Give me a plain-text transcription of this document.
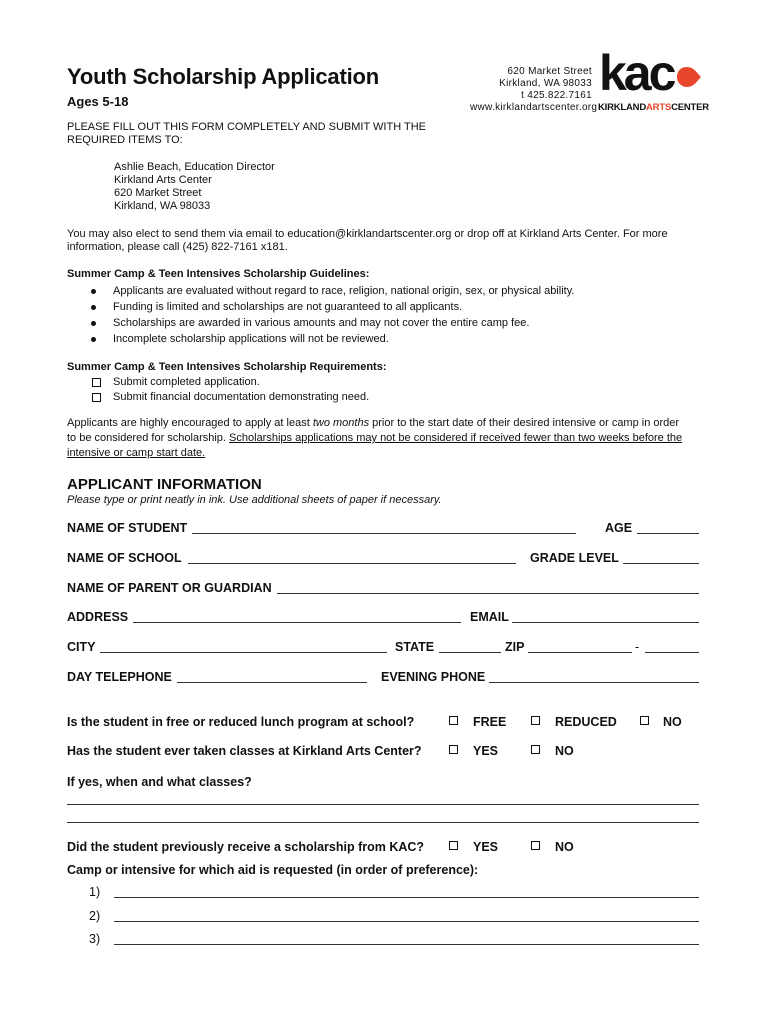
Youth Scholarship Application
Ages 5-18
620 Market Street
Kirkland, WA 98033
t 425.822.7161
www.kirklandartscenter.org
kac
KIRKLANDARTSCENTER
PLEASE FILL OUT THIS FORM COMPLETELY AND SUBMIT WITH THE
REQUIRED ITEMS TO:
Ashlie Beach, Education Director
Kirkland Arts Center
620 Market Street
Kirkland, WA 98033
You may also elect to send them via email to education@kirklandartscenter.org or drop off at Kirkland Arts Center. For more
information, please call (425) 822-7161 x181.
Summer Camp & Teen Intensives Scholarship Guidelines:
Applicants are evaluated without regard to race, religion, national origin, sex, or physical ability.
Funding is limited and scholarships are not guaranteed to all applicants.
Scholarships are awarded in various amounts and may not cover the entire camp fee.
Incomplete scholarship applications will not be reviewed.
Summer Camp & Teen Intensives Scholarship Requirements:
Submit completed application.
Submit financial documentation demonstrating need.
Applicants are highly encouraged to apply at least two months prior to the start date of their desired intensive or camp in order
to be considered for scholarship. Scholarships applications may not be considered if received fewer than two weeks before the
intensive or camp start date.
APPLICANT INFORMATION
Please type or print neatly in ink. Use additional sheets of paper if necessary.
NAME OF STUDENT	AGE
NAME OF SCHOOL	GRADE LEVEL
NAME OF PARENT OR GUARDIAN
ADDRESS	EMAIL
CITY	STATE	ZIP	-
DAY TELEPHONE	EVENING PHONE
Is the student in free or reduced lunch program at school?	FREE	REDUCED	NO
Has the student ever taken classes at Kirkland Arts Center?	YES	NO
If yes, when and what classes?
Did the student previously receive a scholarship from KAC?	YES	NO
Camp or intensive for which aid is requested (in order of preference):
1)
2)
3)
